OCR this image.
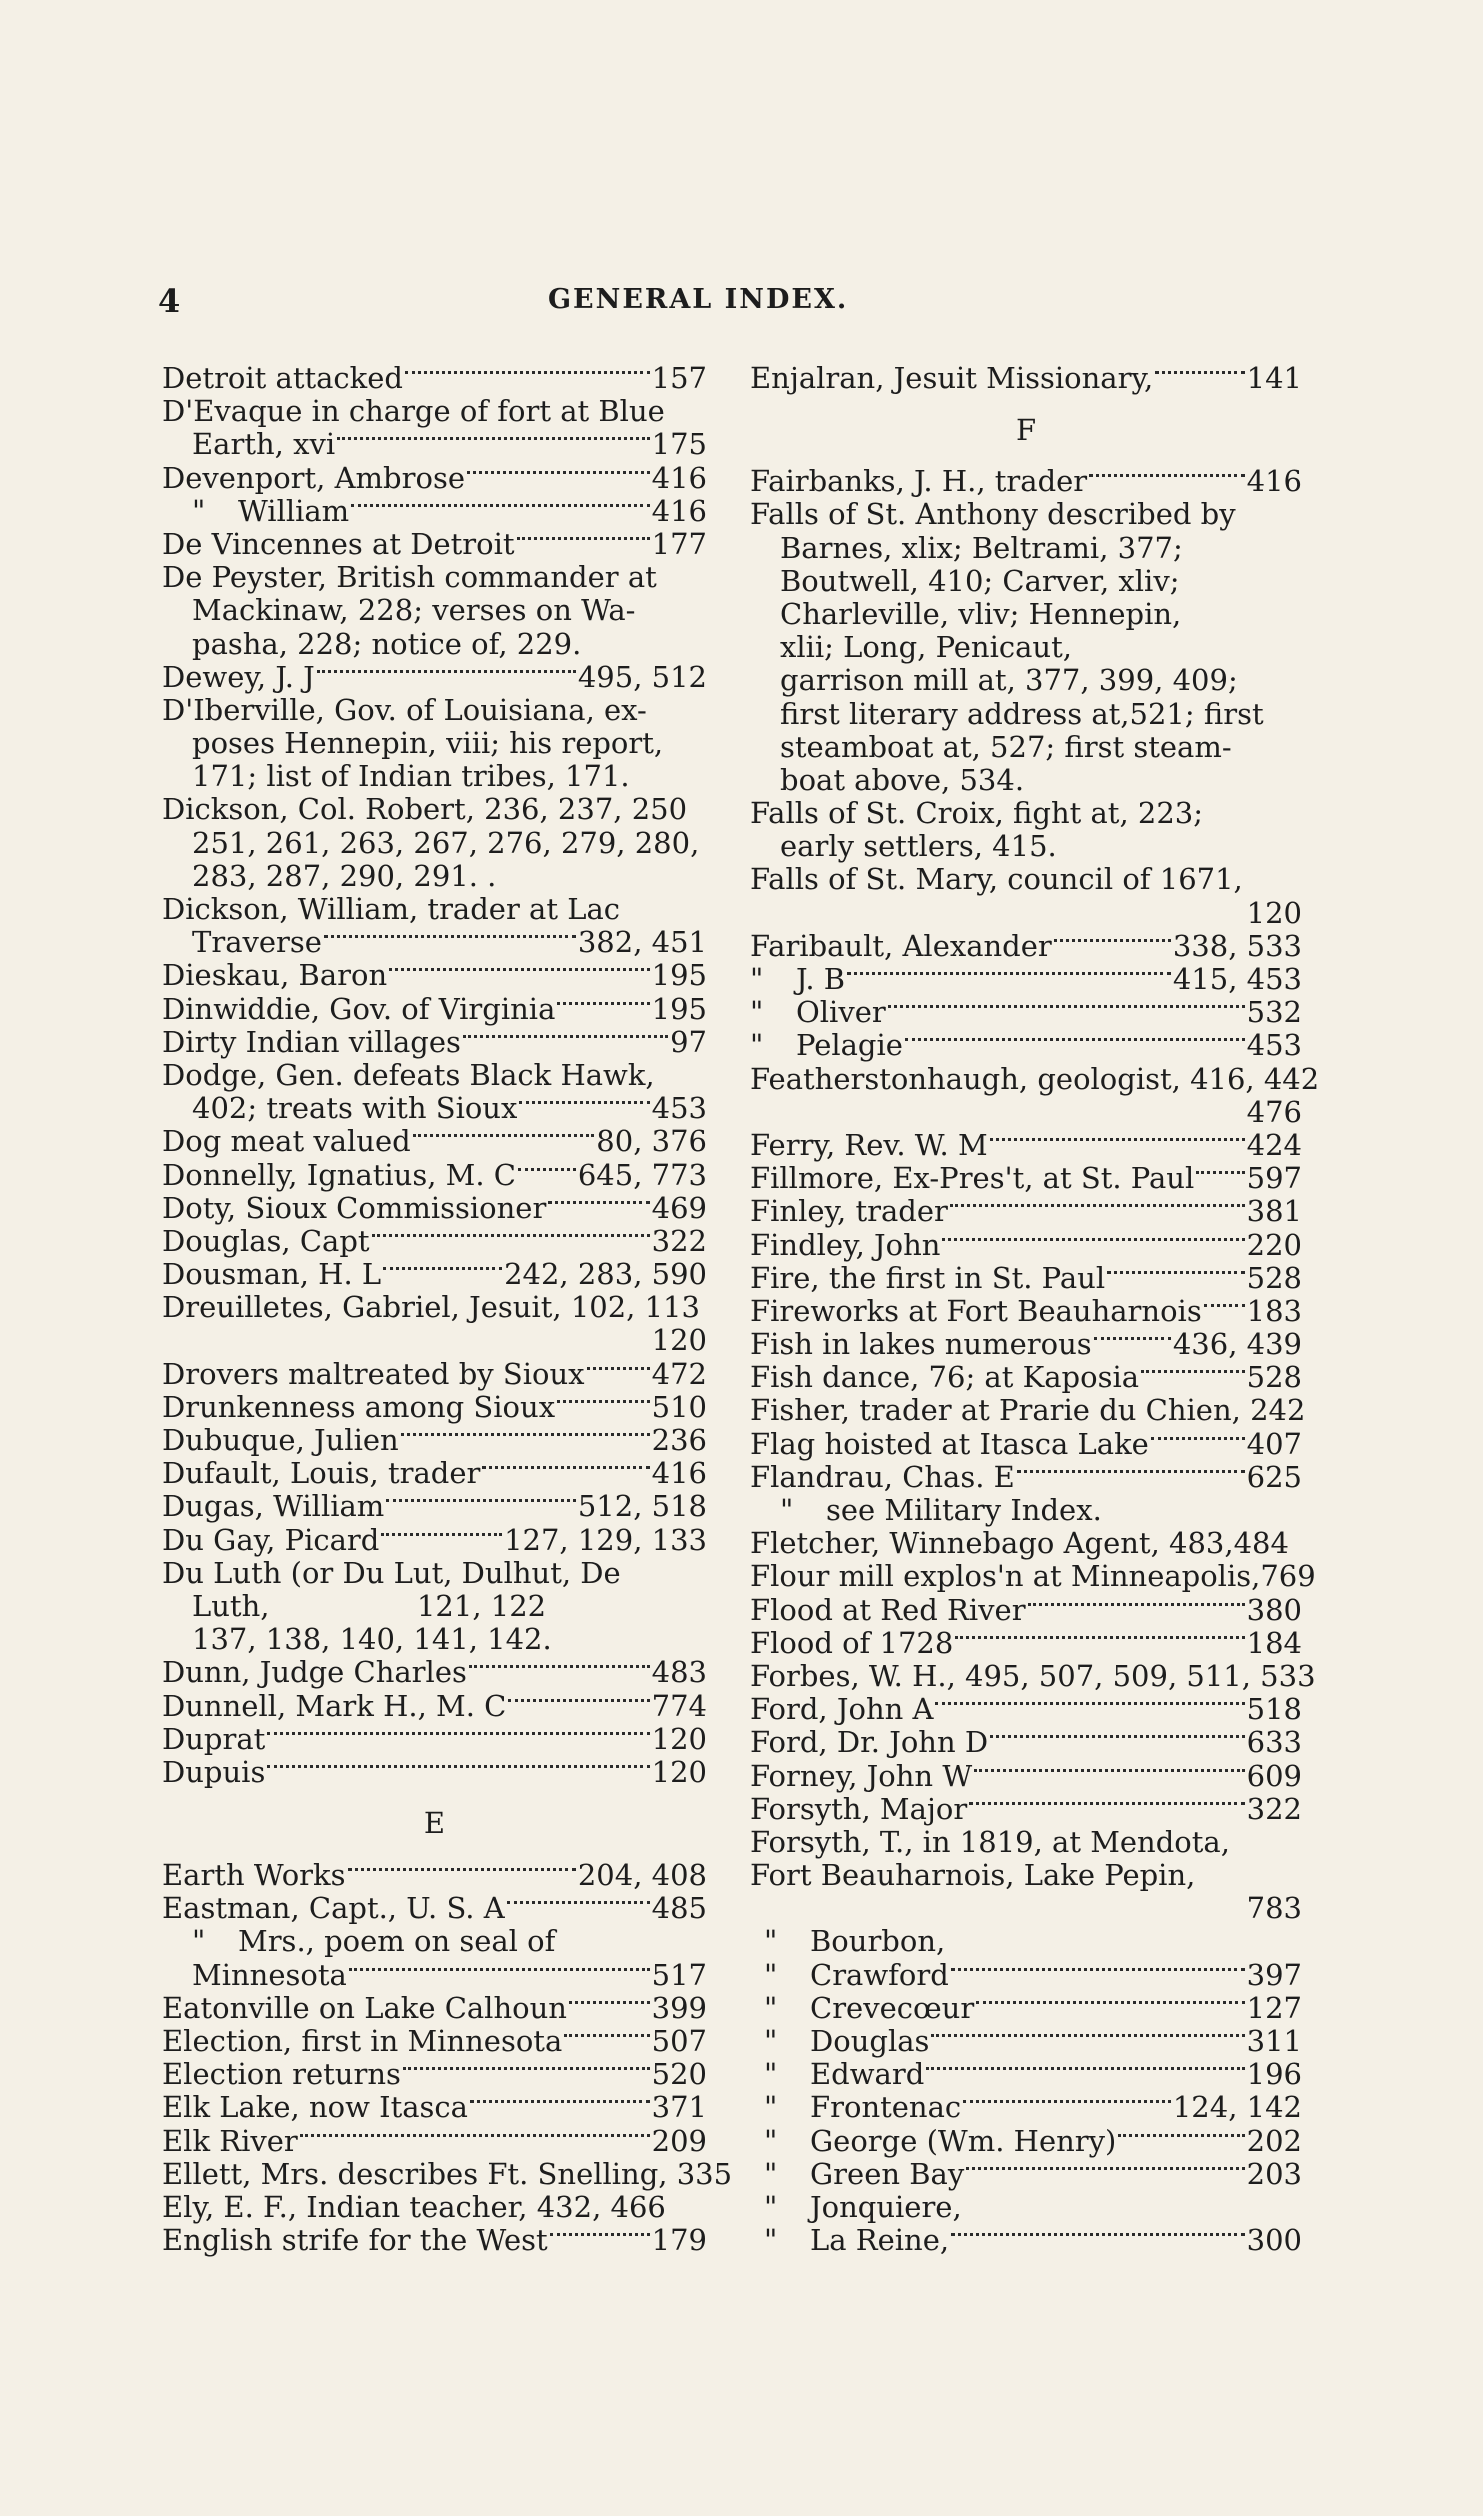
4	GENERAL INDEX.
Detroit attacked	157
D'Evaque in charge of fort at Blue
Earth, xvi	175
Devenport, Ambrose	416
"	William	416
De Vincennes at Detroit	177
De Peyster, British commander at
Mackinaw, 228; verses on Wa-
pasha, 228; notice of, 229.
Dewey, J. J	495, 512
D'Iberville, Gov. of Louisiana, ex-
poses Hennepin, viii; his report,
171; list of Indian tribes, 171.
Dickson, Col. Robert, 236, 237, 250
251, 261, 263, 267, 276, 279, 280,
283, 287, 290, 291. .
Dickson, William, trader at Lac
Traverse	382, 451
Dieskau, Baron	195
Dinwiddie, Gov. of Virginia	195
Dirty Indian villages	97
Dodge, Gen. defeats Black Hawk,
402; treats with Sioux	453
Dog meat valued	80, 376
Donnelly, Ignatius, M. C 645, 773
Doty, Sioux Commissioner	469
Douglas, Capt	322
Dousman, H. L	242, 283, 590
Dreuilletes, Gabriel, Jesuit, 102, 113
120
Drovers maltreated by Sioux 472
Drunkenness among Sioux	510
Dubuque, Julien	236
Dufault, Louis, trader	416
Dugas, William	512, 518
Du Gay, Picard	127, 129, 133
Du Luth (or Du Lut, Dulhut, De
Luth,                121, 122
137, 138, 140, 141, 142.
Dunn, Judge Charles	483
Dunnell, Mark H., M. C	774
Duprat	120
Dupuis	120
E
Earth Works	204, 408
Eastman, Capt., U. S. A	485
"	Mrs., poem on seal of
Minnesota	517
Eatonville on Lake Calhoun	399
Election, first in Minnesota	507
Election returns	520
Elk Lake, now Itasca	371
Elk River	209
Ellett, Mrs. describes Ft. Snelling, 335
Ely, E. F., Indian teacher, 432, 466
English strife for the West	179
Enjalran, Jesuit Missionary,	141
F
Fairbanks, J. H., trader	416
Falls of St. Anthony described by
Barnes, xlix; Beltrami, 377;
Boutwell, 410; Carver, xliv;
Charleville, vliv; Hennepin,
xlii; Long, Penicaut,
garrison mill at, 377, 399, 409;
first literary address at,521; first
steamboat at, 527; first steam-
boat above, 534.
Falls of St. Croix, fight at, 223;
early settlers, 415.
Falls of St. Mary, council of 1671,
120
Faribault, Alexander	338, 533
"	J. B	415, 453
"	Oliver	532
"	Pelagie	453
Featherstonhaugh, geologist, 416, 442
476
Ferry, Rev. W. M	424
Fillmore, Ex-Pres't, at St. Paul 597
Finley, trader	381
Findley, John	220
Fire, the first in St. Paul	528
Fireworks at Fort Beauharnois 183
Fish in lakes numerous	436, 439
Fish dance, 76; at Kaposia	528
Fisher, trader at Prarie du Chien, 242
Flag hoisted at Itasca Lake	407
Flandrau, Chas. E	625
"	see Military Index.
Fletcher, Winnebago Agent, 483,484
Flour mill explos'n at Minneapolis,769
Flood at Red River	380
Flood of 1728	184
Forbes, W. H., 495, 507, 509, 511, 533
Ford, John A	518
Ford, Dr. John D	633
Forney, John W	609
Forsyth, Major	322
Forsyth, T., in 1819, at Mendota,
Fort Beauharnois, Lake Pepin,
783
"	Bourbon,
"	Crawford	397
"	Crevecœur	127
"	Douglas	311
"	Edward	196
"	Frontenac	124, 142
"	George (Wm. Henry)	202
"	Green Bay	203
"	Jonquiere,
"	La Reine,	300
